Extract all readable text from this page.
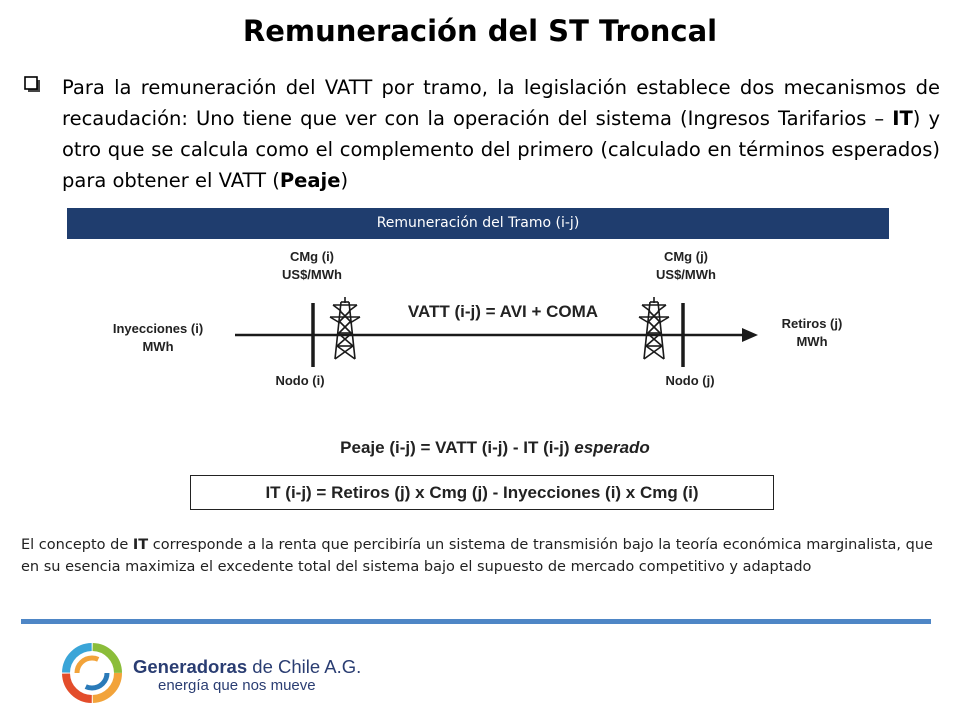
Remuneración del ST Troncal
Para la remuneración del VATT por tramo, la legislación establece dos mecanismos de recaudación: Uno tiene que ver con la operación del sistema (Ingresos Tarifarios – IT) y otro que se calcula como el complemento del primero (calculado en términos esperados) para obtener el VATT (Peaje)
Remuneración del Tramo (i-j)
CMg (i)
US$/MWh
CMg (j)
US$/MWh
Inyecciones (i)
MWh
Retiros (j)
MWh
Nodo (i)	Nodo (j)
VATT (i-j) = AVI + COMA
Peaje (i-j) = VATT (i-j) - IT (i-j) esperado
IT (i-j) = Retiros (j) x Cmg (j) - Inyecciones (i) x Cmg (i)
El concepto de IT corresponde a la renta que percibiría un sistema de transmisión bajo la teoría económica marginalista, que en su esencia maximiza el excedente total del sistema bajo el supuesto de mercado competitivo y adaptado
Generadoras de Chile A.G.
energía que nos mueve
